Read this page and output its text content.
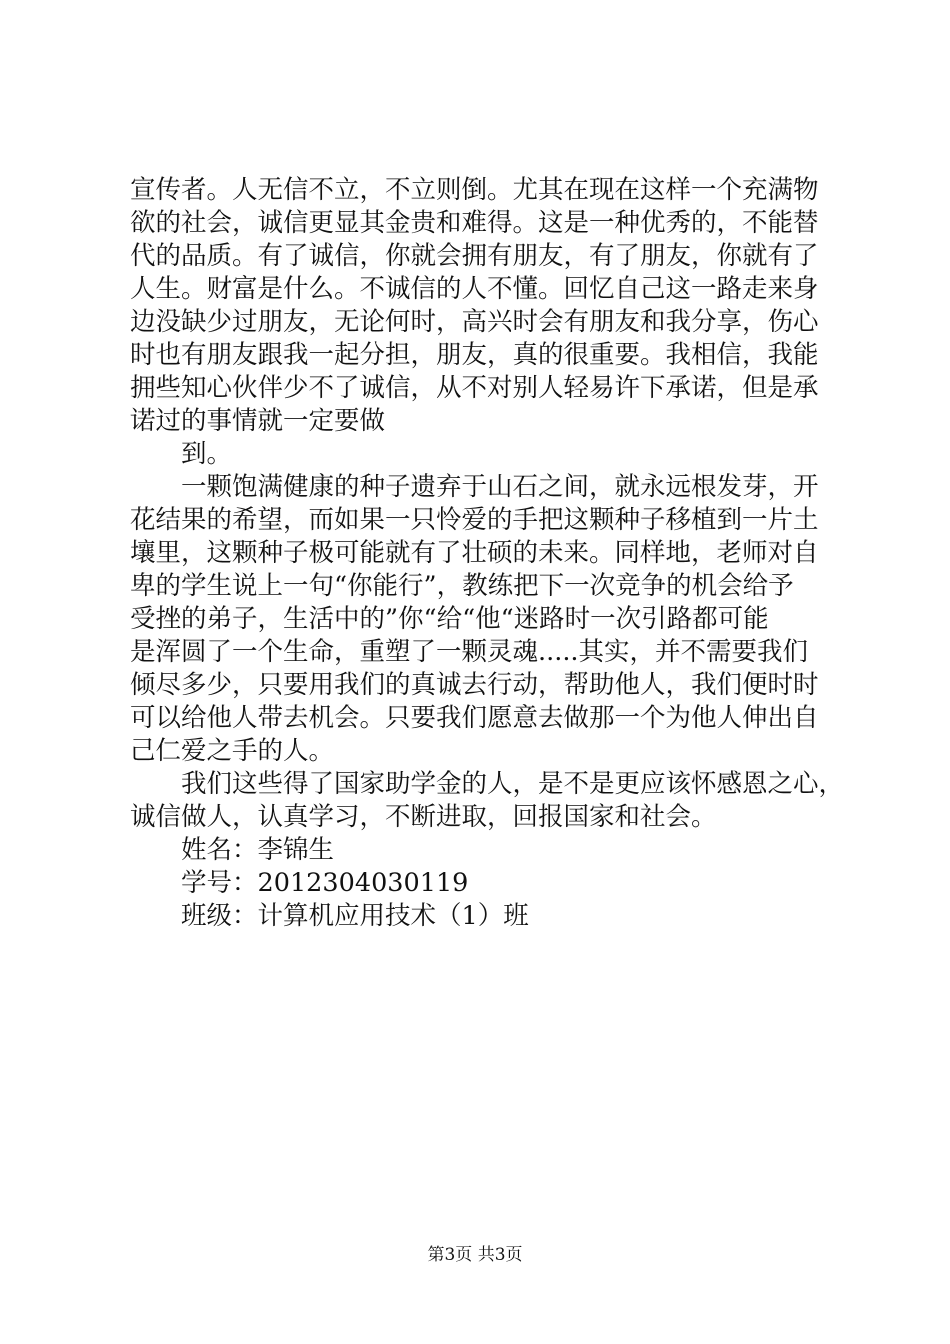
宣传者。人无信不立，不立则倒。尤其在现在这样一个充满物
欲的社会，诚信更显其金贵和难得。这是一种优秀的，不能替
代的品质。有了诚信，你就会拥有朋友，有了朋友，你就有了
人生。财富是什么。不诚信的人不懂。回忆自己这一路走来身
边没缺少过朋友，无论何时，高兴时会有朋友和我分享，伤心
时也有朋友跟我一起分担，朋友，真的很重要。我相信，我能
拥些知心伙伴少不了诚信，从不对别人轻易许下承诺，但是承
诺过的事情就一定要做
到。
一颗饱满健康的种子遗弃于山石之间，就永远根发芽，开
花结果的希望，而如果一只怜爱的手把这颗种子移植到一片土
壤里，这颗种子极可能就有了壮硕的未来。同样地，老师对自
卑的学生说上一句“你能行”，教练把下一次竞争的机会给予
受挫的弟子，生活中的”你“给“他“迷路时一次引路都可能
是浑圆了一个生命，重塑了一颗灵魂.....其实，并不需要我们
倾尽多少，只要用我们的真诚去行动，帮助他人，我们便时时
可以给他人带去机会。只要我们愿意去做那一个为他人伸出自
己仁爱之手的人。
我们这些得了国家助学金的人，是不是更应该怀感恩之心，
诚信做人，认真学习，不断进取，回报国家和社会。
姓名：李锦生
学号：2012304030119
班级：计算机应用技术（1）班
第3页 共3页
